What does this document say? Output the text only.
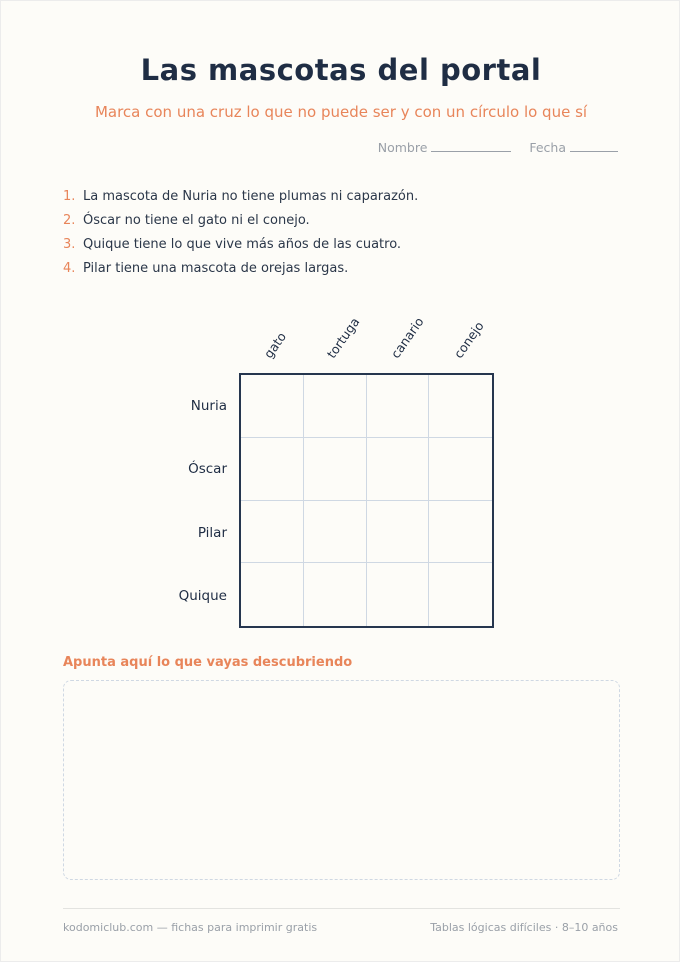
Las mascotas del portal
Marca con una cruz lo que no puede ser y con un círculo lo que sí
Nombre	Fecha
1. La mascota de Nuria no tiene plumas ni caparazón.
2. Óscar no tiene el gato ni el conejo.
3. Quique tiene lo que vive más años de las cuatro.
4. Pilar tiene una mascota de orejas largas.
gato	tortuga canario conejo
Nuria
Óscar
Pilar
Quique
Apunta aquí lo que vayas descubriendo
kodomiclub.com — fichas para imprimir gratis	Tablas lógicas difíciles · 8–10 años
